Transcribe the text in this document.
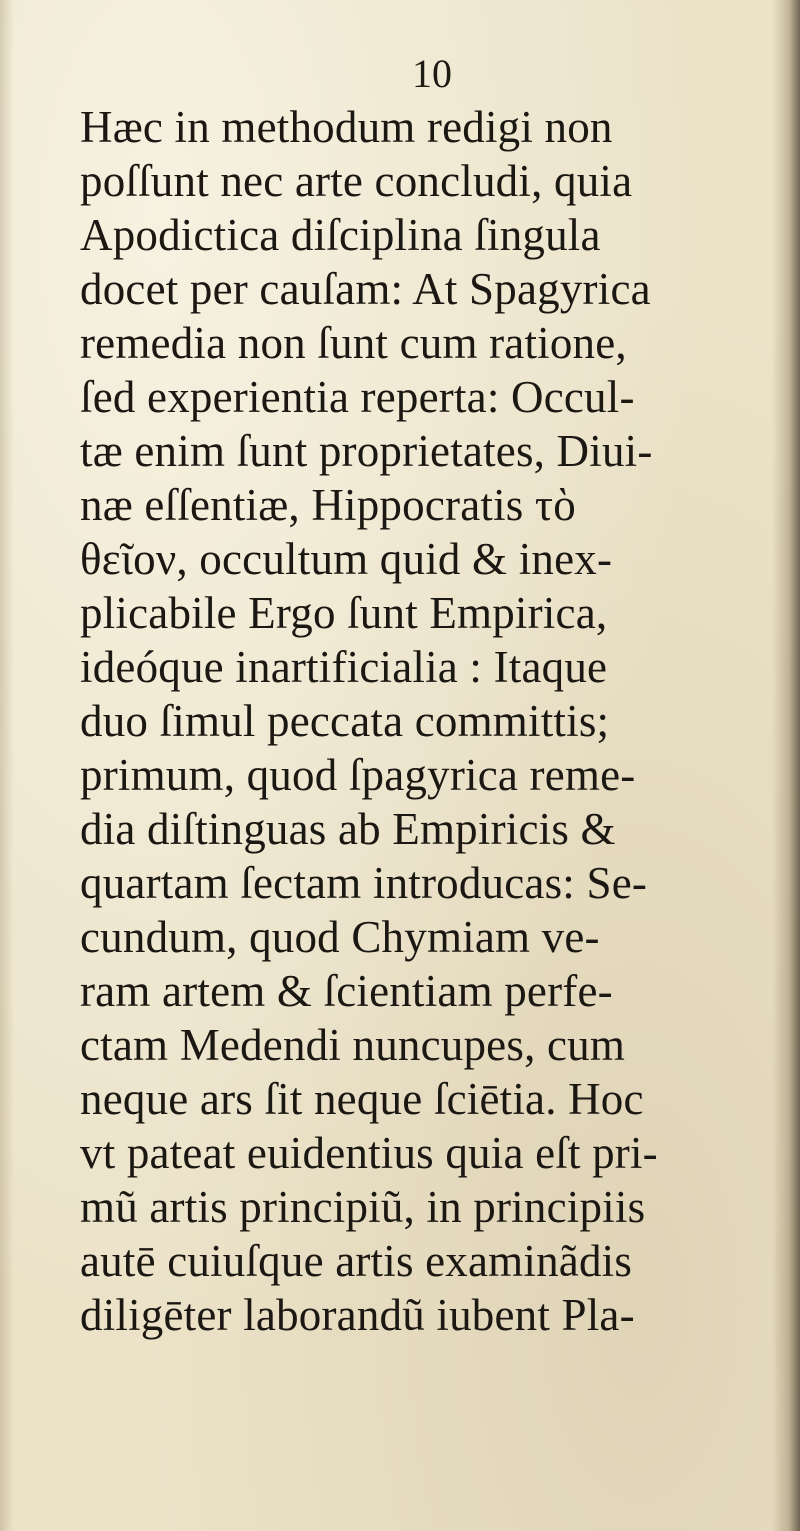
10
Hæc in methodum redigi non
poſſunt nec arte concludi, quia
Apodictica diſciplina ſingula
docet per cauſam: At Spagyrica
remedia non ſunt cum ratione,
ſed experientia reperta: Occul-
tæ enim ſunt proprietates, Diui-
næ eſſentiæ, Hippocratis τὸ
θεῖον, occultum quid & inex-
plicabile Ergo ſunt Empirica,
ideóque inartificialia : Itaque
duo ſimul peccata committis;
primum, quod ſpagyrica reme-
dia diſtinguas ab Empiricis &
quartam ſectam introducas: Se-
cundum, quod Chymiam ve-
ram artem & ſcientiam perfe-
ctam Medendi nuncupes, cum
neque ars ſit neque ſciētia. Hoc
vt pateat euidentius quia eſt pri-
mũ artis principiũ, in principiis
autē cuiuſque artis examinãdis
diligēter laborandũ iubent Pla-
